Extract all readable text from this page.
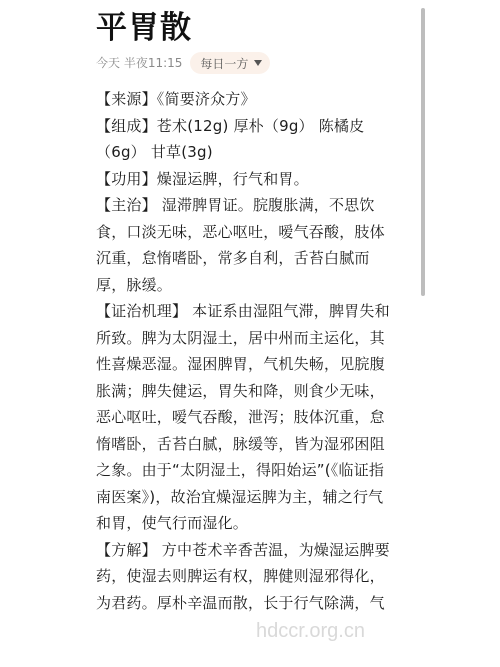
平胃散
今天 半夜11:15 每日一方

【来源】《简要济众方》

【组成】苍术(12g) 厚朴（9g） 陈橘皮

（6g） 甘草(3g)

【功用】燥湿运脾，行气和胃。

【主治】 湿滞脾胃证。脘腹胀满，不思饮

食，口淡无味，恶心呕吐，嗳气吞酸，肢体

沉重，怠惰嗜卧，常多自利，舌苔白腻而

厚，脉缓。

【证治机理】 本证系由湿阻气滞，脾胃失和

所致。脾为太阴湿土，居中州而主运化，其

性喜燥恶湿。湿困脾胃，气机失畅，见脘腹

胀满；脾失健运，胃失和降，则食少无味，

恶心呕吐，嗳气吞酸，泄泻；肢体沉重，怠

惰嗜卧，舌苔白腻，脉缓等，皆为湿邪困阻

之象。由于“太阴湿土，得阳始运”(《临证指

南医案》)，故治宜燥湿运脾为主，辅之行气

和胃，使气行而湿化。

【方解】 方中苍术辛香苦温，为燥湿运脾要

药，使湿去则脾运有权，脾健则湿邪得化，

为君药。厚朴辛温而散，长于行气除满，气

hdccr.org.cn
